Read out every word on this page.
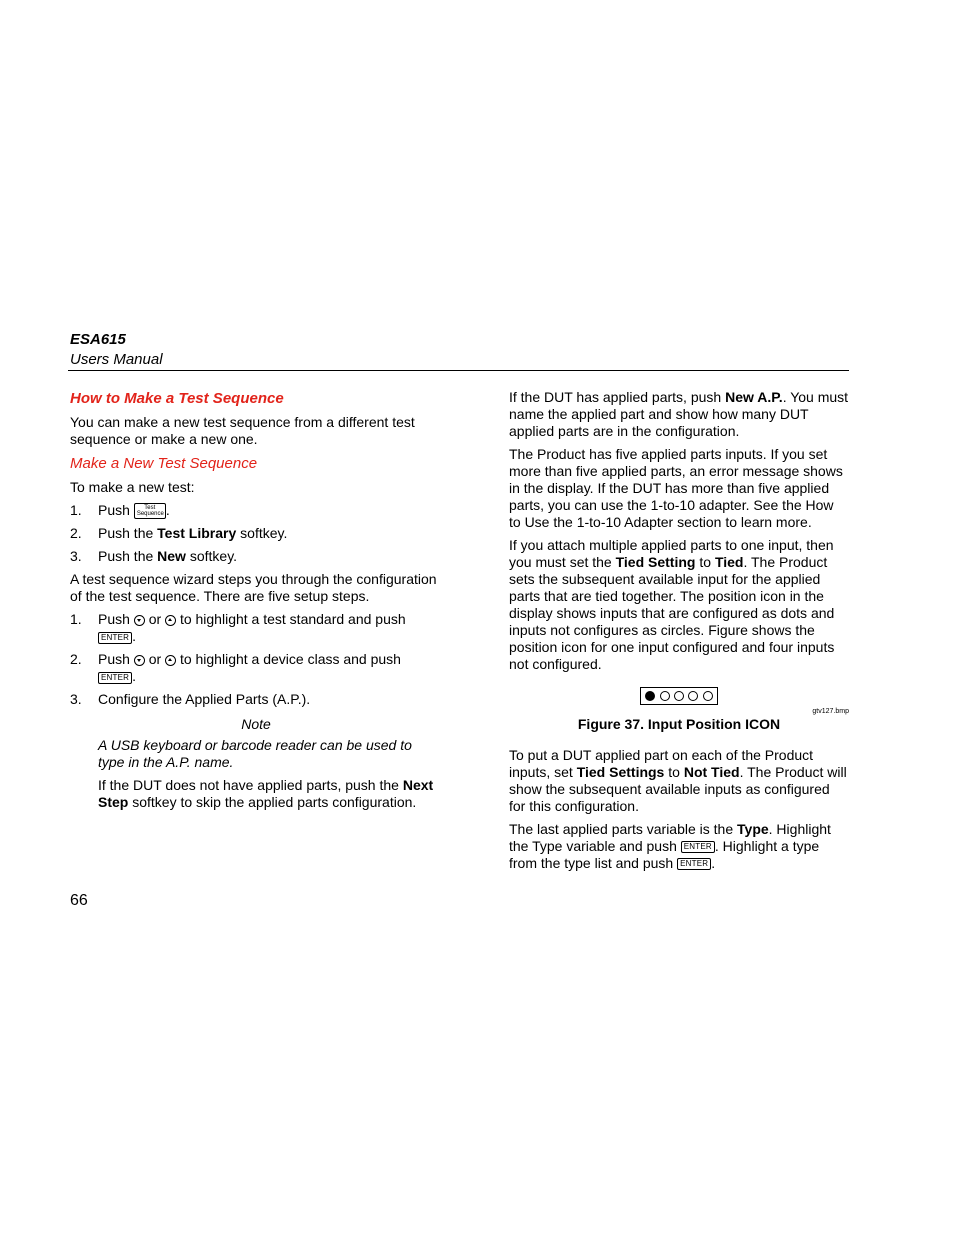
ESA615
Users Manual
How to Make a Test Sequence

You can make a new test sequence from a different test sequence or make a new one.

Make a New Test Sequence

To make a new test:

1. Push Test
Sequence .
2. Push the Test Library softkey.
3. Push the New softkey.

A test sequence wizard steps you through the configuration of the test sequence. There are five setup steps.

1. Push or to highlight a test standard and push
ENTER .
2. Push or to highlight a device class and push
ENTER .
3. Configure the Applied Parts (A.P.).
Note
A USB keyboard or barcode reader can be used to type in the A.P. name.

If the DUT does not have applied parts, push the Next Step softkey to skip the applied parts configuration.

If the DUT has applied parts, push New A.P.. You must name the applied part and show how many DUT applied parts are in the configuration.

The Product has five applied parts inputs. If you set more than five applied parts, an error message shows in the display. If the DUT has more than five applied parts, you can use the 1-to-10 adapter. See the How to Use the 1-to-10 Adapter section to learn more.

If you attach multiple applied parts to one input, then you must set the Tied Setting to Tied. The Product sets the subsequent available input for the applied parts that are tied together. The position icon in the display shows inputs that are configured as dots and inputs not configures as circles. Figure shows the position icon for one input configured and four inputs not configured.

gtv127.bmp
Figure 37. Input Position ICON

To put a DUT applied part on each of the Product inputs, set Tied Settings to Not Tied. The Product will show the subsequent available inputs as configured for this configuration.

The last applied parts variable is the Type. Highlight the Type variable and push ENTER . Highlight a type from the type list and push ENTER .

66
